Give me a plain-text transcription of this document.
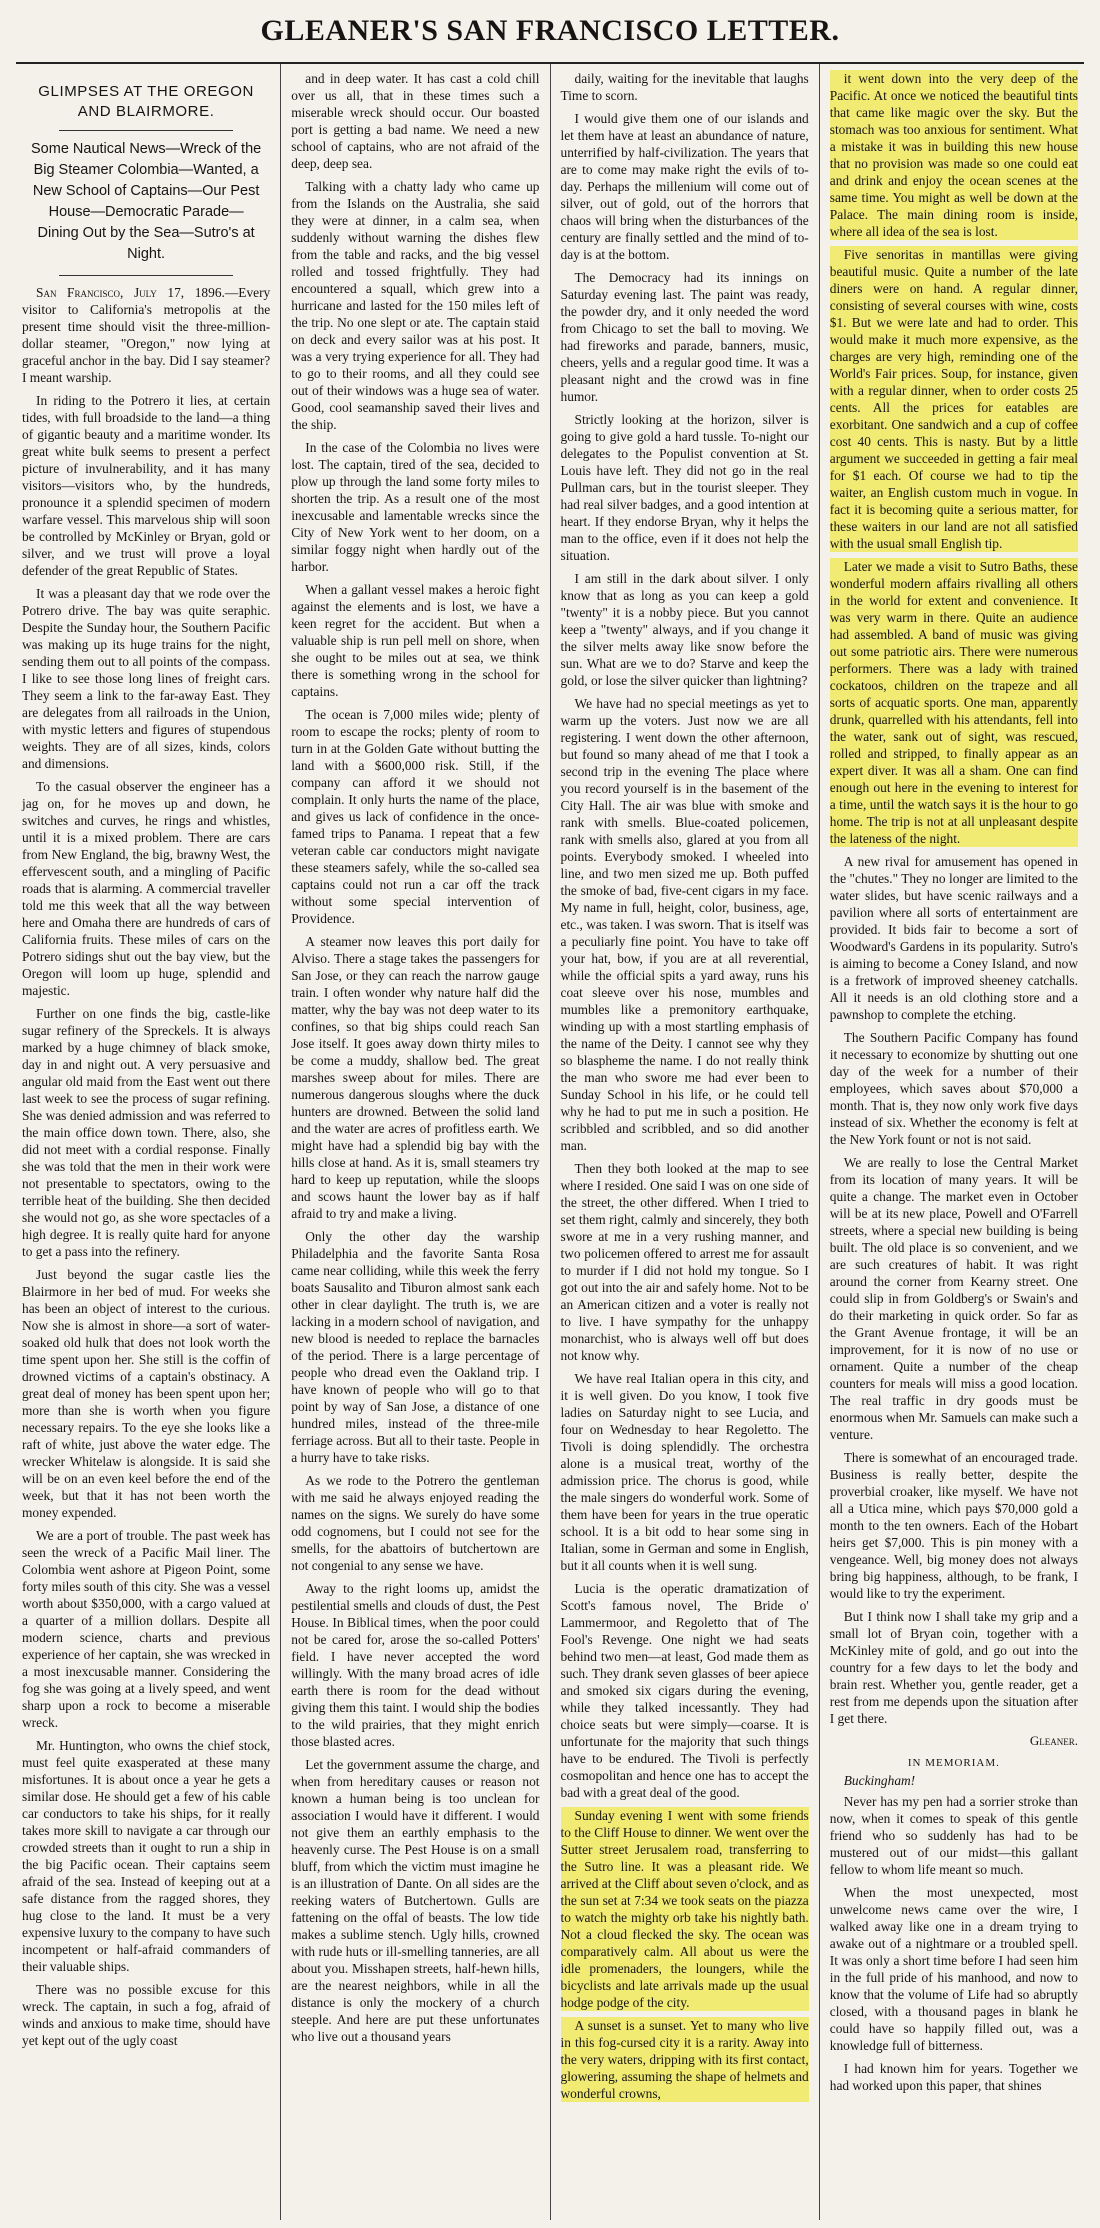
GLEANER'S SAN FRANCISCO LETTER.
GLIMPSES AT THE OREGON AND BLAIRMORE.
Some Nautical News—Wreck of the Big Steamer Colombia—Wanted, a New School of Captains—Our Pest House—Democratic Parade—Dining Out by the Sea—Sutro's at Night.

San Francisco, July 17, 1896.—Every visitor to California's metropolis at the present time should visit the three-million-dollar steamer, "Oregon," now lying at graceful anchor in the bay. Did I say steamer? I meant warship.

In riding to the Potrero it lies, at certain tides, with full broadside to the land—a thing of gigantic beauty and a maritime wonder. Its great white bulk seems to present a perfect picture of invulnerability, and it has many visitors—visitors who, by the hundreds, pronounce it a splendid specimen of modern warfare vessel. This marvelous ship will soon be controlled by McKinley or Bryan, gold or silver, and we trust will prove a loyal defender of the great Republic of States.

It was a pleasant day that we rode over the Potrero drive. The bay was quite seraphic. Despite the Sunday hour, the Southern Pacific was making up its huge trains for the night, sending them out to all points of the compass. I like to see those long lines of freight cars. They seem a link to the far-away East. They are delegates from all railroads in the Union, with mystic letters and figures of stupendous weights. They are of all sizes, kinds, colors and dimensions.

To the casual observer the engineer has a jag on, for he moves up and down, he switches and curves, he rings and whistles, until it is a mixed problem. There are cars from New England, the big, brawny West, the effervescent south, and a mingling of Pacific roads that is alarming. A commercial traveller told me this week that all the way between here and Omaha there are hundreds of cars of California fruits. These miles of cars on the Potrero sidings shut out the bay view, but the Oregon will loom up huge, splendid and majestic.

Further on one finds the big, castle-like sugar refinery of the Spreckels. It is always marked by a huge chimney of black smoke, day in and night out. A very persuasive and angular old maid from the East went out there last week to see the process of sugar refining. She was denied admission and was referred to the main office down town. There, also, she did not meet with a cordial response. Finally she was told that the men in their work were not presentable to spectators, owing to the terrible heat of the building. She then decided she would not go, as she wore spectacles of a high degree. It is really quite hard for anyone to get a pass into the refinery.

Just beyond the sugar castle lies the Blairmore in her bed of mud. For weeks she has been an object of interest to the curious. Now she is almost in shore—a sort of water-soaked old hulk that does not look worth the time spent upon her. She still is the coffin of drowned victims of a captain's obstinacy. A great deal of money has been spent upon her; more than she is worth when you figure necessary repairs. To the eye she looks like a raft of white, just above the water edge. The wrecker Whitelaw is alongside. It is said she will be on an even keel before the end of the week, but that it has not been worth the money expended.

We are a port of trouble. The past week has seen the wreck of a Pacific Mail liner. The Colombia went ashore at Pigeon Point, some forty miles south of this city. She was a vessel worth about $350,000, with a cargo valued at a quarter of a million dollars. Despite all modern science, charts and previous experience of her captain, she was wrecked in a most inexcusable manner. Considering the fog she was going at a lively speed, and went sharp upon a rock to become a miserable wreck.

Mr. Huntington, who owns the chief stock, must feel quite exasperated at these many misfortunes. It is about once a year he gets a similar dose. He should get a few of his cable car conductors to take his ships, for it really takes more skill to navigate a car through our crowded streets than it ought to run a ship in the big Pacific ocean. Their captains seem afraid of the sea. Instead of keeping out at a safe distance from the ragged shores, they hug close to the land. It must be a very expensive luxury to the company to have such incompetent or half-afraid commanders of their valuable ships.

There was no possible excuse for this wreck. The captain, in such a fog, afraid of winds and anxious to make time, should have yet kept out of the ugly coast

and in deep water. It has cast a cold chill over us all, that in these times such a miserable wreck should occur. Our boasted port is getting a bad name. We need a new school of captains, who are not afraid of the deep, deep sea.

Talking with a chatty lady who came up from the Islands on the Australia, she said they were at dinner, in a calm sea, when suddenly without warning the dishes flew from the table and racks, and the big vessel rolled and tossed frightfully. They had encountered a squall, which grew into a hurricane and lasted for the 150 miles left of the trip. No one slept or ate. The captain staid on deck and every sailor was at his post. It was a very trying experience for all. They had to go to their rooms, and all they could see out of their windows was a huge sea of water. Good, cool seamanship saved their lives and the ship.

In the case of the Colombia no lives were lost. The captain, tired of the sea, decided to plow up through the land some forty miles to shorten the trip. As a result one of the most inexcusable and lamentable wrecks since the City of New York went to her doom, on a similar foggy night when hardly out of the harbor.

When a gallant vessel makes a heroic fight against the elements and is lost, we have a keen regret for the accident. But when a valuable ship is run pell mell on shore, when she ought to be miles out at sea, we think there is something wrong in the school for captains.

The ocean is 7,000 miles wide; plenty of room to escape the rocks; plenty of room to turn in at the Golden Gate without butting the land with a $600,000 risk. Still, if the company can afford it we should not complain. It only hurts the name of the place, and gives us lack of confidence in the once-famed trips to Panama. I repeat that a few veteran cable car conductors might navigate these steamers safely, while the so-called sea captains could not run a car off the track without some special intervention of Providence.

A steamer now leaves this port daily for Alviso. There a stage takes the passengers for San Jose, or they can reach the narrow gauge train. I often wonder why nature half did the matter, why the bay was not deep water to its confines, so that big ships could reach San Jose itself. It goes away down thirty miles to be come a muddy, shallow bed. The great marshes sweep about for miles. There are numerous dangerous sloughs where the duck hunters are drowned. Between the solid land and the water are acres of profitless earth. We might have had a splendid big bay with the hills close at hand. As it is, small steamers try hard to keep up reputation, while the sloops and scows haunt the lower bay as if half afraid to try and make a living.

Only the other day the warship Philadelphia and the favorite Santa Rosa came near colliding, while this week the ferry boats Sausalito and Tiburon almost sank each other in clear daylight. The truth is, we are lacking in a modern school of navigation, and new blood is needed to replace the barnacles of the period. There is a large percentage of people who dread even the Oakland trip. I have known of people who will go to that point by way of San Jose, a distance of one hundred miles, instead of the three-mile ferriage across. But all to their taste. People in a hurry have to take risks.

As we rode to the Potrero the gentleman with me said he always enjoyed reading the names on the signs. We surely do have some odd cognomens, but I could not see for the smells, for the abattoirs of butchertown are not congenial to any sense we have.

Away to the right looms up, amidst the pestilential smells and clouds of dust, the Pest House. In Biblical times, when the poor could not be cared for, arose the so-called Potters' field. I have never accepted the word willingly. With the many broad acres of idle earth there is room for the dead without giving them this taint. I would ship the bodies to the wild prairies, that they might enrich those blasted acres.

Let the government assume the charge, and when from hereditary causes or reason not known a human being is too unclean for association I would have it different. I would not give them an earthly emphasis to the heavenly curse. The Pest House is on a small bluff, from which the victim must imagine he is an illustration of Dante. On all sides are the reeking waters of Butchertown. Gulls are fattening on the offal of beasts. The low tide makes a sublime stench. Ugly hills, crowned with rude huts or ill-smelling tanneries, are all about you. Misshapen streets, half-hewn hills, are the nearest neighbors, while in all the distance is only the mockery of a church steeple. And here are put these unfortunates who live out a thousand years

daily, waiting for the inevitable that laughs Time to scorn.

I would give them one of our islands and let them have at least an abundance of nature, unterrified by half-civilization. The years that are to come may make right the evils of to-day. Perhaps the millenium will come out of silver, out of gold, out of the horrors that chaos will bring when the disturbances of the century are finally settled and the mind of to-day is at the bottom.

The Democracy had its innings on Saturday evening last. The paint was ready, the powder dry, and it only needed the word from Chicago to set the ball to moving. We had fireworks and parade, banners, music, cheers, yells and a regular good time. It was a pleasant night and the crowd was in fine humor.

Strictly looking at the horizon, silver is going to give gold a hard tussle. To-night our delegates to the Populist convention at St. Louis have left. They did not go in the real Pullman cars, but in the tourist sleeper. They had real silver badges, and a good intention at heart. If they endorse Bryan, why it helps the man to the office, even if it does not help the situation.

I am still in the dark about silver. I only know that as long as you can keep a gold "twenty" it is a nobby piece. But you cannot keep a "twenty" always, and if you change it the silver melts away like snow before the sun. What are we to do? Starve and keep the gold, or lose the silver quicker than lightning?

We have had no special meetings as yet to warm up the voters. Just now we are all registering. I went down the other afternoon, but found so many ahead of me that I took a second trip in the evening The place where you record yourself is in the basement of the City Hall. The air was blue with smoke and rank with smells. Blue-coated policemen, rank with smells also, glared at you from all points. Everybody smoked. I wheeled into line, and two men sized me up. Both puffed the smoke of bad, five-cent cigars in my face. My name in full, height, color, business, age, etc., was taken. I was sworn. That is itself was a peculiarly fine point. You have to take off your hat, bow, if you are at all reverential, while the official spits a yard away, runs his coat sleeve over his nose, mumbles and mumbles like a premonitory earthquake, winding up with a most startling emphasis of the name of the Deity. I cannot see why they so blaspheme the name. I do not really think the man who swore me had ever been to Sunday School in his life, or he could tell why he had to put me in such a position. He scribbled and scribbled, and so did another man.

Then they both looked at the map to see where I resided. One said I was on one side of the street, the other differed. When I tried to set them right, calmly and sincerely, they both swore at me in a very rushing manner, and two policemen offered to arrest me for assault to murder if I did not hold my tongue. So I got out into the air and safely home. Not to be an American citizen and a voter is really not to live. I have sympathy for the unhappy monarchist, who is always well off but does not know why.

We have real Italian opera in this city, and it is well given. Do you know, I took five ladies on Saturday night to see Lucia, and four on Wednesday to hear Regoletto. The Tivoli is doing splendidly. The orchestra alone is a musical treat, worthy of the admission price. The chorus is good, while the male singers do wonderful work. Some of them have been for years in the true operatic school. It is a bit odd to hear some sing in Italian, some in German and some in English, but it all counts when it is well sung.

Lucia is the operatic dramatization of Scott's famous novel, The Bride o' Lammermoor, and Regoletto that of The Fool's Revenge. One night we had seats behind two men—at least, God made them as such. They drank seven glasses of beer apiece and smoked six cigars during the evening, while they talked incessantly. They had choice seats but were simply—coarse. It is unfortunate for the majority that such things have to be endured. The Tivoli is perfectly cosmopolitan and hence one has to accept the bad with a great deal of the good.

Sunday evening I went with some friends to the Cliff House to dinner. We went over the Sutter street Jerusalem road, transferring to the Sutro line. It was a pleasant ride. We arrived at the Cliff about seven o'clock, and as the sun set at 7:34 we took seats on the piazza to watch the mighty orb take his nightly bath. Not a cloud flecked the sky. The ocean was comparatively calm. All about us were the idle promenaders, the loungers, while the bicyclists and late arrivals made up the usual hodge podge of the city.

A sunset is a sunset. Yet to many who live in this fog-cursed city it is a rarity. Away into the very waters, dripping with its first contact, glowering, assuming the shape of helmets and wonderful crowns,

it went down into the very deep of the Pacific. At once we noticed the beautiful tints that came like magic over the sky. But the stomach was too anxious for sentiment. What a mistake it was in building this new house that no provision was made so one could eat and drink and enjoy the ocean scenes at the same time. You might as well be down at the Palace. The main dining room is inside, where all idea of the sea is lost.

Five senoritas in mantillas were giving beautiful music. Quite a number of the late diners were on hand. A regular dinner, consisting of several courses with wine, costs $1. But we were late and had to order. This would make it much more expensive, as the charges are very high, reminding one of the World's Fair prices. Soup, for instance, given with a regular dinner, when to order costs 25 cents. All the prices for eatables are exorbitant. One sandwich and a cup of coffee cost 40 cents. This is nasty. But by a little argument we succeeded in getting a fair meal for $1 each. Of course we had to tip the waiter, an English custom much in vogue. In fact it is becoming quite a serious matter, for these waiters in our land are not all satisfied with the usual small English tip.

Later we made a visit to Sutro Baths, these wonderful modern affairs rivalling all others in the world for extent and convenience. It was very warm in there. Quite an audience had assembled. A band of music was giving out some patriotic airs. There were numerous performers. There was a lady with trained cockatoos, children on the trapeze and all sorts of acquatic sports. One man, apparently drunk, quarrelled with his attendants, fell into the water, sank out of sight, was rescued, rolled and stripped, to finally appear as an expert diver. It was all a sham. One can find enough out here in the evening to interest for a time, until the watch says it is the hour to go home. The trip is not at all unpleasant despite the lateness of the night.

A new rival for amusement has opened in the "chutes." They no longer are limited to the water slides, but have scenic railways and a pavilion where all sorts of entertainment are provided. It bids fair to become a sort of Woodward's Gardens in its popularity. Sutro's is aiming to become a Coney Island, and now is a fretwork of improved sheeney catchalls. All it needs is an old clothing store and a pawnshop to complete the etching.

The Southern Pacific Company has found it necessary to economize by shutting out one day of the week for a number of their employees, which saves about $70,000 a month. That is, they now only work five days instead of six. Whether the economy is felt at the New York fount or not is not said.

We are really to lose the Central Market from its location of many years. It will be quite a change. The market even in October will be at its new place, Powell and O'Farrell streets, where a special new building is being built. The old place is so convenient, and we are such creatures of habit. It was right around the corner from Kearny street. One could slip in from Goldberg's or Swain's and do their marketing in quick order. So far as the Grant Avenue frontage, it will be an improvement, for it is now of no use or ornament. Quite a number of the cheap counters for meals will miss a good location. The real traffic in dry goods must be enormous when Mr. Samuels can make such a venture.

There is somewhat of an encouraged trade. Business is really better, despite the proverbial croaker, like myself. We have not all a Utica mine, which pays $70,000 gold a month to the ten owners. Each of the Hobart heirs get $7,000. This is pin money with a vengeance. Well, big money does not always bring big happiness, although, to be frank, I would like to try the experiment.

But I think now I shall take my grip and a small lot of Bryan coin, together with a McKinley mite of gold, and go out into the country for a few days to let the body and brain rest. Whether you, gentle reader, get a rest from me depends upon the situation after I get there.

Gleaner.
IN MEMORIAM.
Buckingham!

Never has my pen had a sorrier stroke than now, when it comes to speak of this gentle friend who so suddenly has had to be mustered out of our midst—this gallant fellow to whom life meant so much.

When the most unexpected, most unwelcome news came over the wire, I walked away like one in a dream trying to awake out of a nightmare or a troubled spell. It was only a short time before I had seen him in the full pride of his manhood, and now to know that the volume of Life had so abruptly closed, with a thousand pages in blank he could have so happily filled out, was a knowledge full of bitterness.

I had known him for years. Together we had worked upon this paper, that shines
